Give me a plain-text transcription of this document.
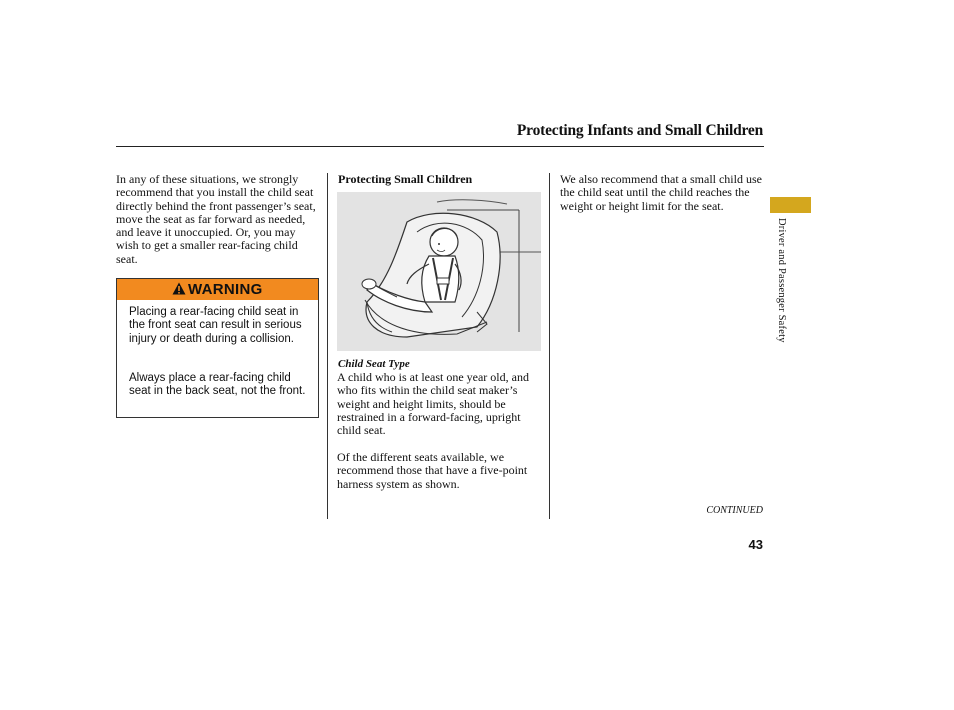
Protecting Infants and Small Children

In any of these situations, we strongly recommend that you install the child seat directly behind the front passenger’s seat, move the seat as far forward as needed, and leave it unoccupied. Or, you may wish to get a smaller rear-facing child seat.

WARNING

Placing a rear-facing child seat in the front seat can result in serious injury or death during a collision.

Always place a rear-facing child seat in the back seat, not the front.

Protecting Small Children
Child Seat Type

A child who is at least one year old, and who fits within the child seat maker’s weight and height limits, should be restrained in a forward-facing, upright child seat.

Of the different seats available, we recommend those that have a five-point harness system as shown.

We also recommend that a small child use the child seat until the child reaches the weight or height limit for the seat.

CONTINUED
43
Driver and Passenger Safety
